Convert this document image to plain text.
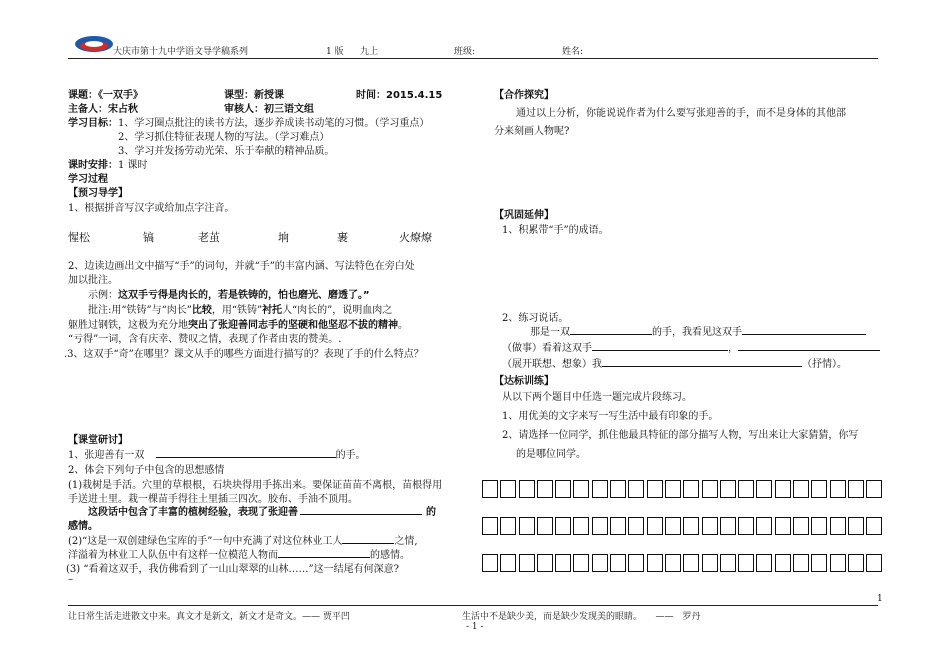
大庆市第十九中学语文导学稿系列	1 版 九上	班级:	姓名:
课题：《一双手》	课型：新授课	时间：2015.4.15
主备人：宋占秋	审核人：初三语文组
学习目标：1、学习圈点批注的读书方法，逐步养成读书动笔的习惯。（学习重点）
2、学习抓住特征表现人物的写法。（学习难点）
3、学习并发扬劳动光荣、乐于奉献的精神品质。
课时安排：1 课时
学习过程
【预习导学】
1、根据拼音写汉字或给加点字注音。
惺松	镐	老茧	垧	裹	火燎燎
2、边读边画出文中描写“手”的词句，并就“手”的丰富内涵、写法特色在旁白处
加以批注。
示例：这双手亏得是肉长的，若是铁铸的，怕也磨光、磨透了。”
批注:用“铁铸”与“肉长”比较，用“铁铸”衬托人“肉长的”，说明血肉之
躯胜过钢铁，这极为充分地突出了张迎善同志手的坚硬和他坚忍不拔的精神。
“亏得”一词，含有庆幸、赞叹之情，表现了作者由衷的赞美。.
.3、这双手“奇”在哪里？课文从手的哪些方面进行描写的？表现了手的什么特点？
【课堂研讨】
1、张迎善有一双	的手。
2、体会下列句子中包含的思想感情
(1)栽树是手活。穴里的草根根，石块块得用手拣出来。要保证苗苗不离根，苗根得用
手送进土里。栽一棵苗手得往土里插三四次。胶布、手油不顶用。
这段话中包含了丰富的植树经验，表现了张迎善	的
感情。
(2)“这是一双创建绿色宝库的手”一句中充满了对这位林业工人	之情,
洋溢着为林业工人队伍中有这样一位模范人物而	的感情。
(3) “看着这双手，我仿佛看到了一山山翠翠的山林……”这一结尾有何深意?
–
【合作探究】
通过以上分析，你能说说作者为什么要写张迎善的手，而不是身体的其他部
分来刻画人物呢?
【巩固延伸】
1、积累带“手”的成语。
2、练习说话。
那是一双	的手，我看见这双手
（做事）看着这双手	，
（展开联想、想象）我	（抒情）。
【达标训练】
从以下两个题目中任选一题完成片段练习。
1、用优美的文字来写一写生活中最有印象的手。
2、请选择一位同学，抓住他最具特征的部分描写人物，写出来让大家猜猜，你写
的是哪位同学。
1
让日常生活走进散文中来。真文才是新文，新文才是奇文。—— 贾平凹	生活中不是缺少美，而是缺少发现美的眼睛。　　——　罗丹
- 1 -
